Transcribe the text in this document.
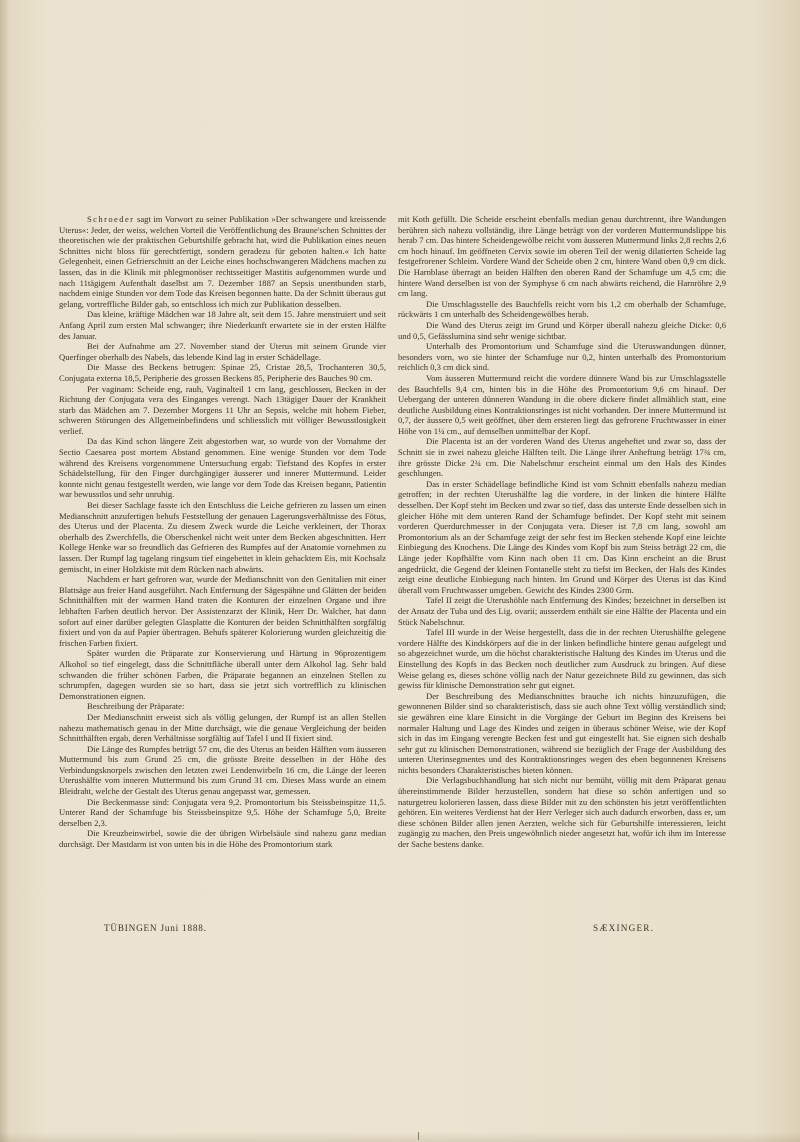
Schroeder sagt im Vorwort zu seiner Publikation »Der schwangere und kreissende Uterus«: Jeder, der weiss, welchen Vorteil die Veröffentlichung des Braune'schen Schnittes der theoretischen wie der praktischen Geburtshilfe gebracht hat, wird die Publikation eines neuen Schnittes nicht bloss für gerechtfertigt, sondern geradezu für geboten halten.« Ich hatte Gelegenheit, einen Gefrierschnitt an der Leiche eines hochschwangeren Mädchens machen zu lassen, das in die Klinik mit phlegmonöser rechtsseitiger Mastitis aufgenommen wurde und nach 11tägigem Aufenthalt daselbst am 7. Dezember 1887 an Sepsis unentbunden starb, nachdem einige Stunden vor dem Tode das Kreisen begonnen hatte. Da der Schnitt überaus gut gelang, vortreffliche Bilder gab, so entschloss ich mich zur Publikation desselben.

Das kleine, kräftige Mädchen war 18 Jahre alt, seit dem 15. Jahre menstruiert und seit Anfang April zum ersten Mal schwanger; ihre Niederkunft erwartete sie in der ersten Hälfte des Januar.

Bei der Aufnahme am 27. November stand der Uterus mit seinem Grunde vier Querfinger oberhalb des Nabels, das lebende Kind lag in erster Schädellage.

Die Masse des Beckens betrugen: Spinae 25, Cristae 28,5, Trochanteren 30,5, Conjugata externa 18,5, Peripherie des grossen Beckens 85, Peripherie des Bauches 90 cm.

Per vaginam: Scheide eng, rauh, Vaginalteil 1 cm lang, geschlossen, Becken in der Richtung der Conjugata vera des Einganges verengt. Nach 13tägiger Dauer der Krankheit starb das Mädchen am 7. Dezember Morgens 11 Uhr an Sepsis, welche mit hohem Fieber, schweren Störungen des Allgemeinbefindens und schliesslich mit völliger Bewusstlosigkeit verlief.

Da das Kind schon längere Zeit abgestorben war, so wurde von der Vornahme der Sectio Caesarea post mortem Abstand genommen. Eine wenige Stunden vor dem Tode während des Kreisens vorgenommene Untersuchung ergab: Tiefstand des Kopfes in erster Schädelstellung, für den Finger durchgängiger äusserer und innerer Muttermund. Leider konnte nicht genau festgestellt werden, wie lange vor dem Tode das Kreisen begann, Patientin war bewusstlos und sehr unruhig.

Bei dieser Sachlage fasste ich den Entschluss die Leiche gefrieren zu lassen um einen Medianschnitt anzufertigen behufs Feststellung der genauen Lagerungsverhältnisse des Fötus, des Uterus und der Placenta. Zu diesem Zweck wurde die Leiche verkleinert, der Thorax oberhalb des Zwerchfells, die Oberschenkel nicht weit unter dem Becken abgeschnitten. Herr Kollege Henke war so freundlich das Gefrieren des Rumpfes auf der Anatomie vornehmen zu lassen. Der Rumpf lag tagelang ringsum tief eingebettet in klein gehacktem Eis, mit Kochsalz gemischt, in einer Holzkiste mit dem Rücken nach abwärts.

Nachdem er hart gefroren war, wurde der Medianschnitt von den Genitalien mit einer Blattsäge aus freier Hand ausgeführt. Nach Entfernung der Sägespähne und Glätten der beiden Schnitthälften mit der warmen Hand traten die Konturen der einzelnen Organe und ihre lebhaften Farben deutlich hervor. Der Assistenzarzt der Klinik, Herr Dr. Walcher, hat dann sofort auf einer darüber gelegten Glasplatte die Konturen der beiden Schnitthälften sorgfältig fixiert und von da auf Papier übertragen. Behufs späterer Kolorierung wurden gleichzeitig die frischen Farben fixiert.

Später wurden die Präparate zur Konservierung und Härtung in 96prozentigem Alkohol so tief eingelegt, dass die Schnittfläche überall unter dem Alkohol lag. Sehr bald schwanden die früher schönen Farben, die Präparate begannen an einzelnen Stellen zu schrumpfen, dagegen wurden sie so hart, dass sie jetzt sich vortrefflich zu klinischen Demonstrationen eignen.

Beschreibung der Präparate:

Der Medianschnitt erweist sich als völlig gelungen, der Rumpf ist an allen Stellen nahezu mathematisch genau in der Mitte durchsägt, wie die genaue Vergleichung der beiden Schnitthälften ergab, deren Verhältnisse sorgfältig auf Tafel I und II fixiert sind.

Die Länge des Rumpfes beträgt 57 cm, die des Uterus an beiden Hälften vom äusseren Muttermund bis zum Grund 25 cm, die grösste Breite desselben in der Höhe des Verbindungsknorpels zwischen den letzten zwei Lendenwirbeln 16 cm, die Länge der leeren Uterushälfte vom inneren Muttermund bis zum Grund 31 cm. Dieses Mass wurde an einem Bleidraht, welche der Gestalt des Uterus genau angepasst war, gemessen.

Die Beckenmasse sind: Conjugata vera 9,2. Promontorium bis Steissbeinspitze 11,5. Unterer Rand der Schamfuge bis Steissbeinspitze 9,5. Höhe der Schamfuge 5,0, Breite derselben 2,3.

Die Kreuzbeinwirbel, sowie die der übrigen Wirbelsäule sind nahezu ganz median durchsägt. Der Mastdarm ist von unten bis in die Höhe des Promontorium stark

mit Koth gefüllt. Die Scheide erscheint ebenfalls median genau durchtrennt, ihre Wandungen berühren sich nahezu vollständig, ihre Länge beträgt von der vorderen Muttermundslippe bis herab 7 cm. Das hintere Scheidengewölbe reicht vom äusseren Muttermund links 2,8 rechts 2,6 cm hoch hinauf. Im geöffneten Cervix sowie im oberen Teil der wenig dilatierten Scheide lag festgefrorener Schleim. Vordere Wand der Scheide oben 2 cm, hintere Wand oben 0,9 cm dick. Die Harnblase überragt an beiden Hälften den oberen Rand der Schamfuge um 4,5 cm; die hintere Wand derselben ist von der Symphyse 6 cm nach abwärts reichend, die Harnröhre 2,9 cm lang.

Die Umschlagsstelle des Bauchfells reicht vorn bis 1,2 cm oberhalb der Schamfuge, rückwärts 1 cm unterhalb des Scheidengewölbes herab.

Die Wand des Uterus zeigt im Grund und Körper überall nahezu gleiche Dicke: 0,6 und 0,5, Gefässlumina sind sehr wenige sichtbar.

Unterhalb des Promontorium und Schamfuge sind die Uteruswandungen dünner, besonders vorn, wo sie hinter der Schamfuge nur 0,2, hinten unterhalb des Promontorium reichlich 0,3 cm dick sind.

Vom äusseren Muttermund reicht die vordere dünnere Wand bis zur Umschlagsstelle des Bauchfells 9,4 cm, hinten bis in die Höhe des Promontorium 9,6 cm hinauf. Der Uebergang der unteren dünneren Wandung in die obere dickere findet allmählich statt, eine deutliche Ausbildung eines Kontraktionsringes ist nicht vorhanden. Der innere Muttermund ist 0,7, der äussere 0,5 weit geöffnet, über dem ersteren liegt das gefrorene Fruchtwasser in einer Höhe von 1¼ cm., auf demselben unmittelbar der Kopf.

Die Placenta ist an der vorderen Wand des Uterus angeheftet und zwar so, dass der Schnitt sie in zwei nahezu gleiche Hälften teilt. Die Länge ihrer Anheftung beträgt 17¾ cm, ihre grösste Dicke 2¾ cm. Die Nabelschnur erscheint einmal um den Hals des Kindes geschlungen.

Das in erster Schädellage befindliche Kind ist vom Schnitt ebenfalls nahezu median getroffen; in der rechten Uterushälfte lag die vordere, in der linken die hintere Hälfte desselben. Der Kopf steht im Becken und zwar so tief, dass das unterste Ende desselben sich in gleicher Höhe mit dem unteren Rand der Schamfuge befindet. Der Kopf steht mit seinem vorderen Querdurchmesser in der Conjugata vera. Dieser ist 7,8 cm lang, sowohl am Promontorium als an der Schamfuge zeigt der sehr fest im Becken stehende Kopf eine leichte Einbiegung des Knochens. Die Länge des Kindes vom Kopf bis zum Steiss beträgt 22 cm, die Länge jeder Kopfhälfte vom Kinn nach oben 11 cm. Das Kinn erscheint an die Brust angedrückt, die Gegend der kleinen Fontanelle steht zu tiefst im Becken, der Hals des Kindes zeigt eine deutliche Einbiegung nach hinten. Im Grund und Körper des Uterus ist das Kind überall vom Fruchtwasser umgeben. Gewicht des Kindes 2300 Grm.

Tafel II zeigt die Uterushöhle nach Entfernung des Kindes; bezeichnet in derselben ist der Ansatz der Tuba und des Lig. ovarii; ausserdem enthält sie eine Hälfte der Placenta und ein Stück Nabelschnur.

Tafel III wurde in der Weise hergestellt, dass die in der rechten Uterushälfte gelegene vordere Hälfte des Kindskörpers auf die in der linken befindliche hintere genau aufgelegt und so abgezeichnet wurde, um die höchst charakteristische Haltung des Kindes im Uterus und die Einstellung des Kopfs in das Becken noch deutlicher zum Ausdruck zu bringen. Auf diese Weise gelang es, dieses schöne völlig nach der Natur gezeichnete Bild zu gewinnen, das sich gewiss für klinische Demonstration sehr gut eignet.

Der Beschreibung des Medianschnittes brauche ich nichts hinzuzufügen, die gewonnenen Bilder sind so charakteristisch, dass sie auch ohne Text völlig verständlich sind; sie gewähren eine klare Einsicht in die Vorgänge der Geburt im Beginn des Kreisens bei normaler Haltung und Lage des Kindes und zeigen in überaus schöner Weise, wie der Kopf sich in das im Eingang verengte Becken fest und gut eingestellt hat. Sie eignen sich deshalb sehr gut zu klinischen Demonstrationen, während sie bezüglich der Frage der Ausbildung des unteren Uterinsegmentes und des Kontraktionsringes wegen des eben begonnenen Kreisens nichts besonders Charakteristisches bieten können.

Die Verlagsbuchhandlung hat sich nicht nur bemüht, völlig mit dem Präparat genau übereinstimmende Bilder herzustellen, sondern hat diese so schön anfertigen und so naturgetreu kolorieren lassen, dass diese Bilder mit zu den schönsten bis jetzt veröffentlichten gehören. Ein weiteres Verdienst hat der Herr Verleger sich auch dadurch erworben, dass er, um diese schönen Bilder allen jenen Aerzten, welche sich für Geburtshilfe interessieren, leicht zugängig zu machen, den Preis ungewöhnlich nieder angesetzt hat, wofür ich ihm im Interesse der Sache bestens danke.

TÜBINGEN Juni 1888.	SÆXINGER.
